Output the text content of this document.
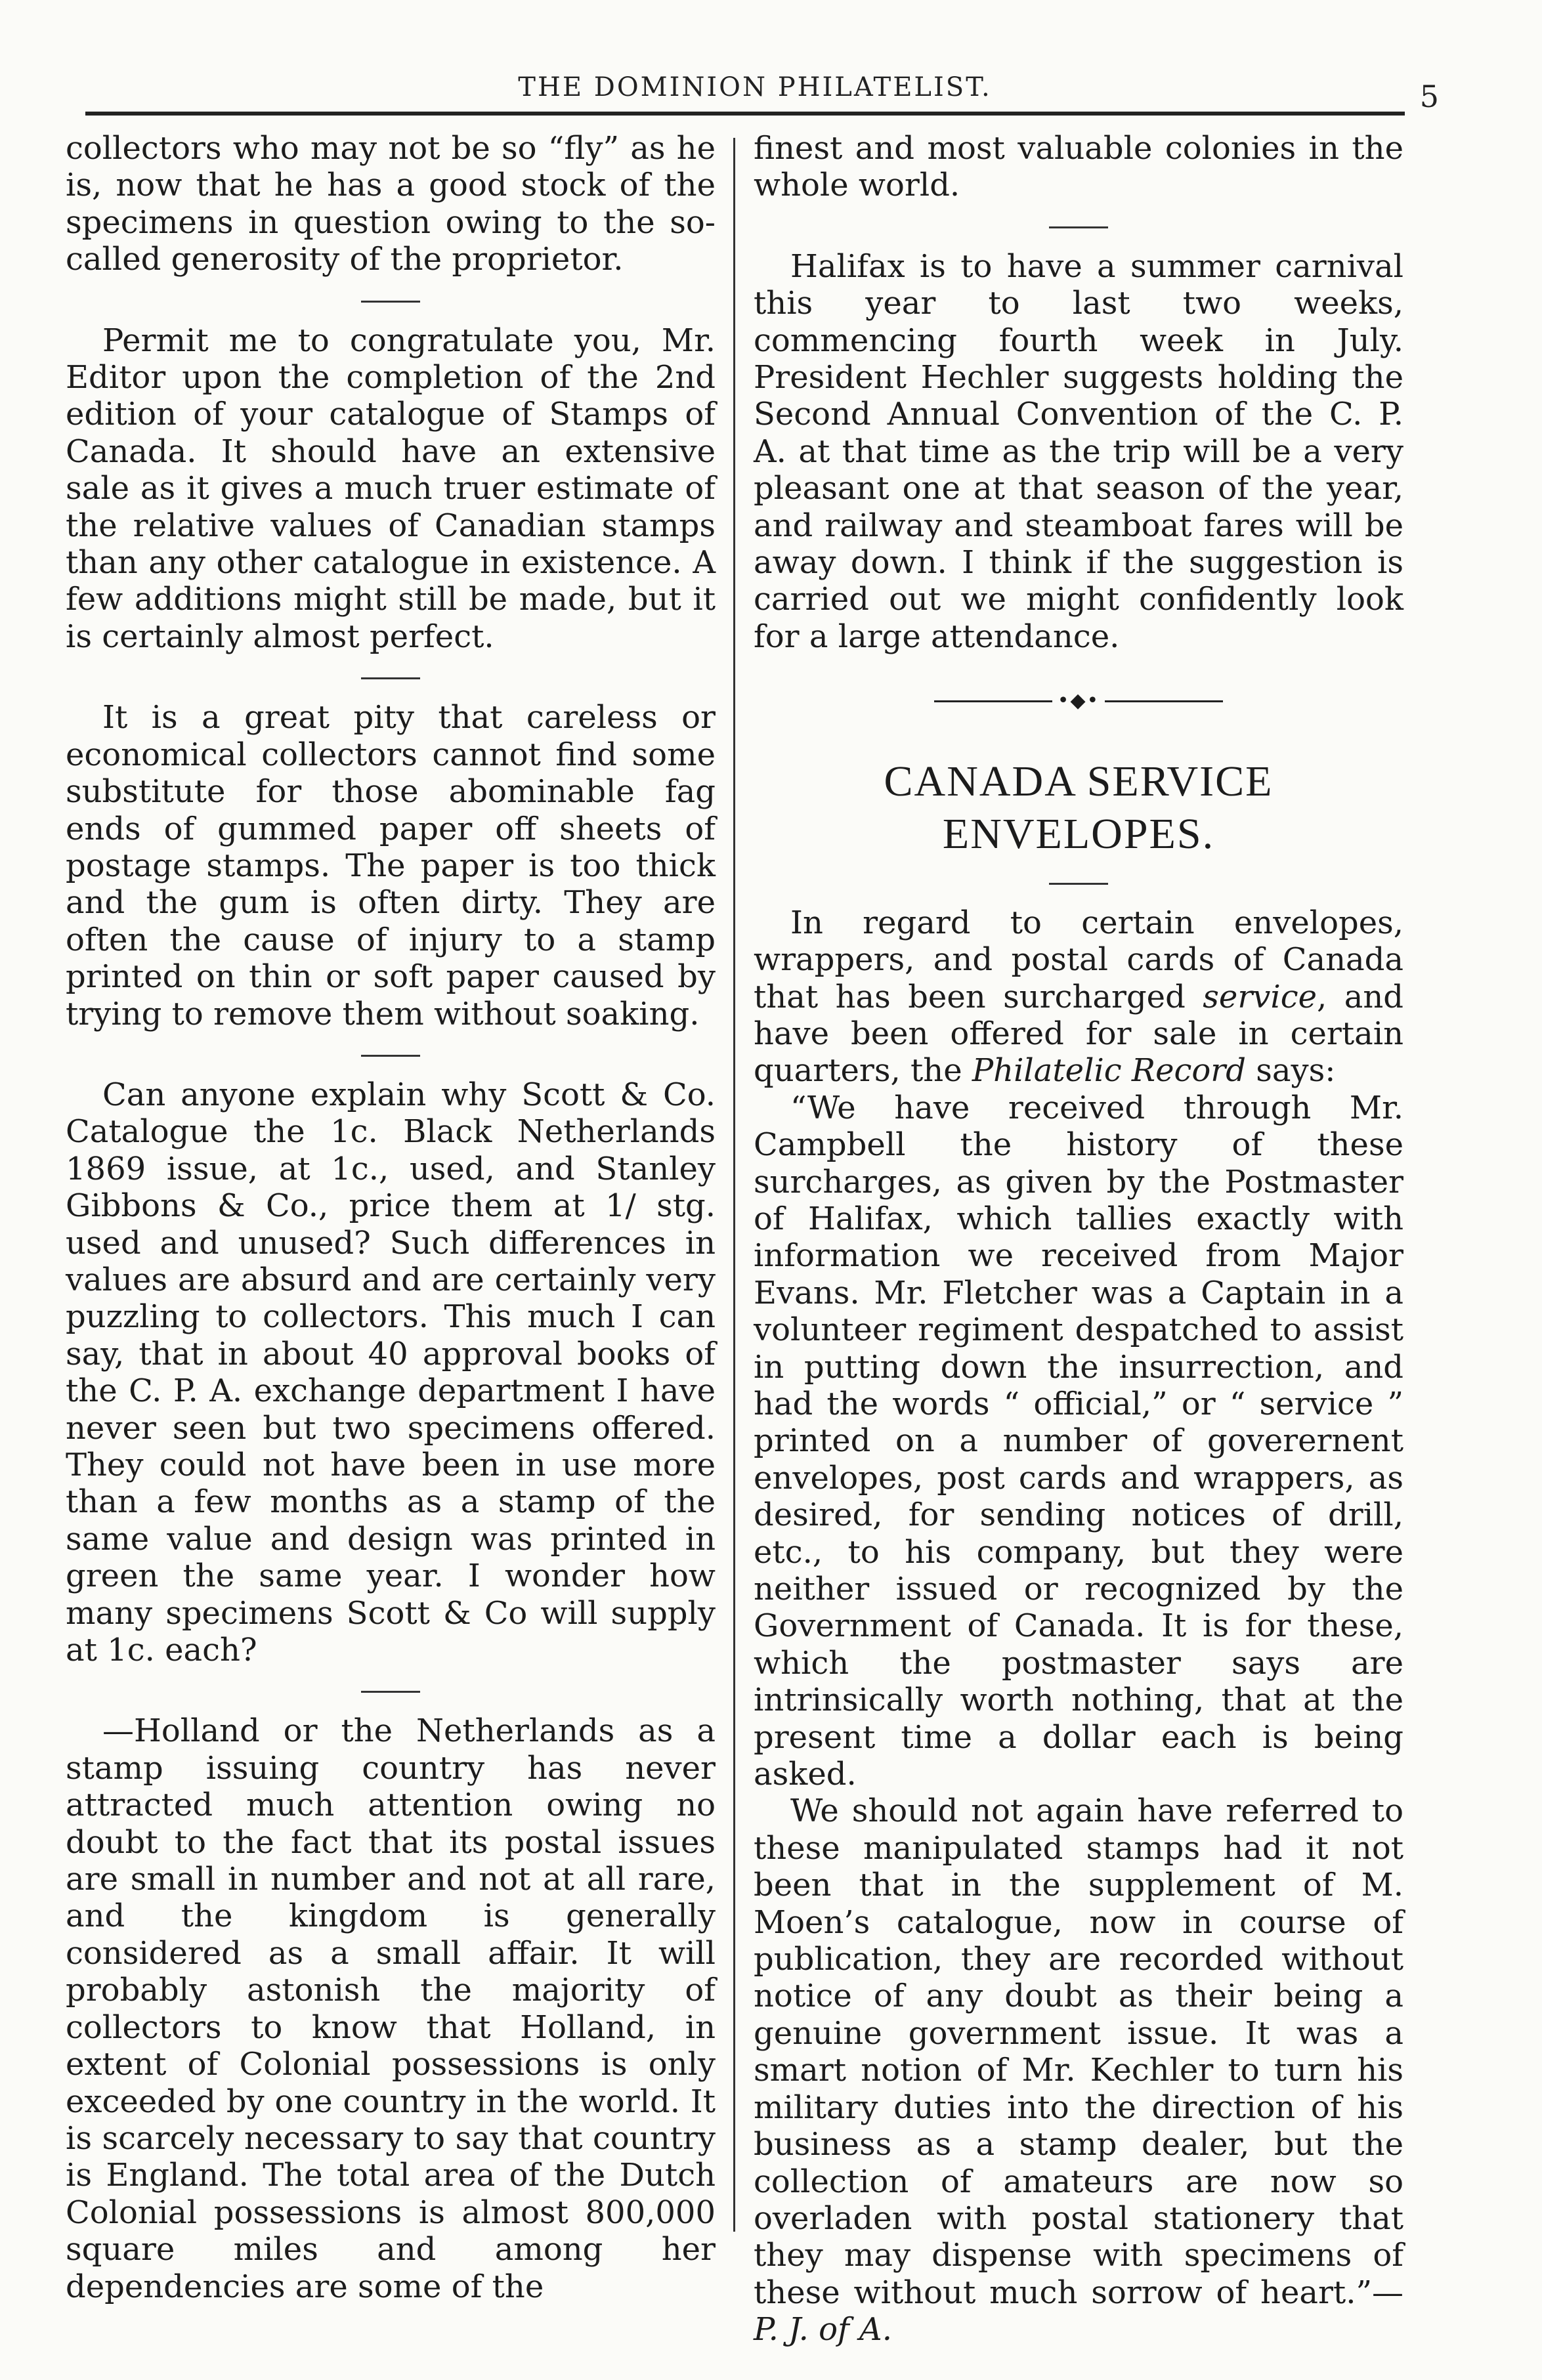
THE DOMINION PHILATELIST.	5

collectors who may not be so “fly” as he is, now that he has a good stock of the specimens in question owing to the so-called generosity of the proprietor.

Permit me to congratulate you, Mr. Editor upon the completion of the 2nd edition of your catalogue of Stamps of Canada. It should have an extensive sale as it gives a much truer estimate of the relative values of Canadian stamps than any other catalogue in existence. A few additions might still be made, but it is certainly almost perfect.

It is a great pity that careless or economical collectors cannot find some substitute for those abominable fag ends of gummed paper off sheets of postage stamps. The paper is too thick and the gum is often dirty. They are often the cause of injury to a stamp printed on thin or soft paper caused by trying to remove them without soaking.

Can anyone explain why Scott & Co. Catalogue the 1c. Black Netherlands 1869 issue, at 1c., used, and Stanley Gibbons & Co., price them at 1/ stg. used and unused? Such differences in values are absurd and are certainly very puzzling to collectors. This much I can say, that in about 40 approval books of the C. P. A. exchange department I have never seen but two specimens offered. They could not have been in use more than a few months as a stamp of the same value and design was printed in green the same year. I wonder how many specimens Scott & Co will supply at 1c. each?

—Holland or the Netherlands as a stamp issuing country has never attracted much attention owing no doubt to the fact that its postal issues are small in number and not at all rare, and the kingdom is generally considered as a small affair. It will probably astonish the majority of collectors to know that Holland, in extent of Colonial possessions is only exceeded by one country in the world. It is scarcely necessary to say that country is England. The total area of the Dutch Colonial possessions is almost 800,000 square miles and among her dependencies are some of the

finest and most valuable colonies in the whole world.

Halifax is to have a summer carnival this year to last two weeks, commencing fourth week in July. President Hechler suggests holding the Second Annual Convention of the C. P. A. at that time as the trip will be a very pleasant one at that season of the year, and railway and steamboat fares will be away down. I think if the suggestion is carried out we might confidently look for a large attendance.

•◆•
CANADA SERVICE ENVELOPES.

In regard to certain envelopes, wrappers, and postal cards of Canada that has been surcharged service, and have been offered for sale in certain quarters, the Philatelic Record says:

“We have received through Mr. Campbell the history of these surcharges, as given by the Postmaster of Halifax, which tallies exactly with information we received from Major Evans. Mr. Fletcher was a Captain in a volunteer regiment despatched to assist in putting down the insurrection, and had the words “ official,” or “ service ” printed on a number of goverernent envelopes, post cards and wrappers, as desired, for sending notices of drill, etc., to his company, but they were neither issued or recognized by the Government of Canada. It is for these, which the postmaster says are intrinsically worth nothing, that at the present time a dollar each is being asked.

We should not again have referred to these manipulated stamps had it not been that in the supplement of M. Moen’s catalogue, now in course of publication, they are recorded without notice of any doubt as their being a genuine government issue. It was a smart notion of Mr. Kechler to turn his military duties into the direction of his business as a stamp dealer, but the collection of amateurs are now so overladen with postal stationery that they may dispense with specimens of these without much sorrow of heart.”—P. J. of A.
